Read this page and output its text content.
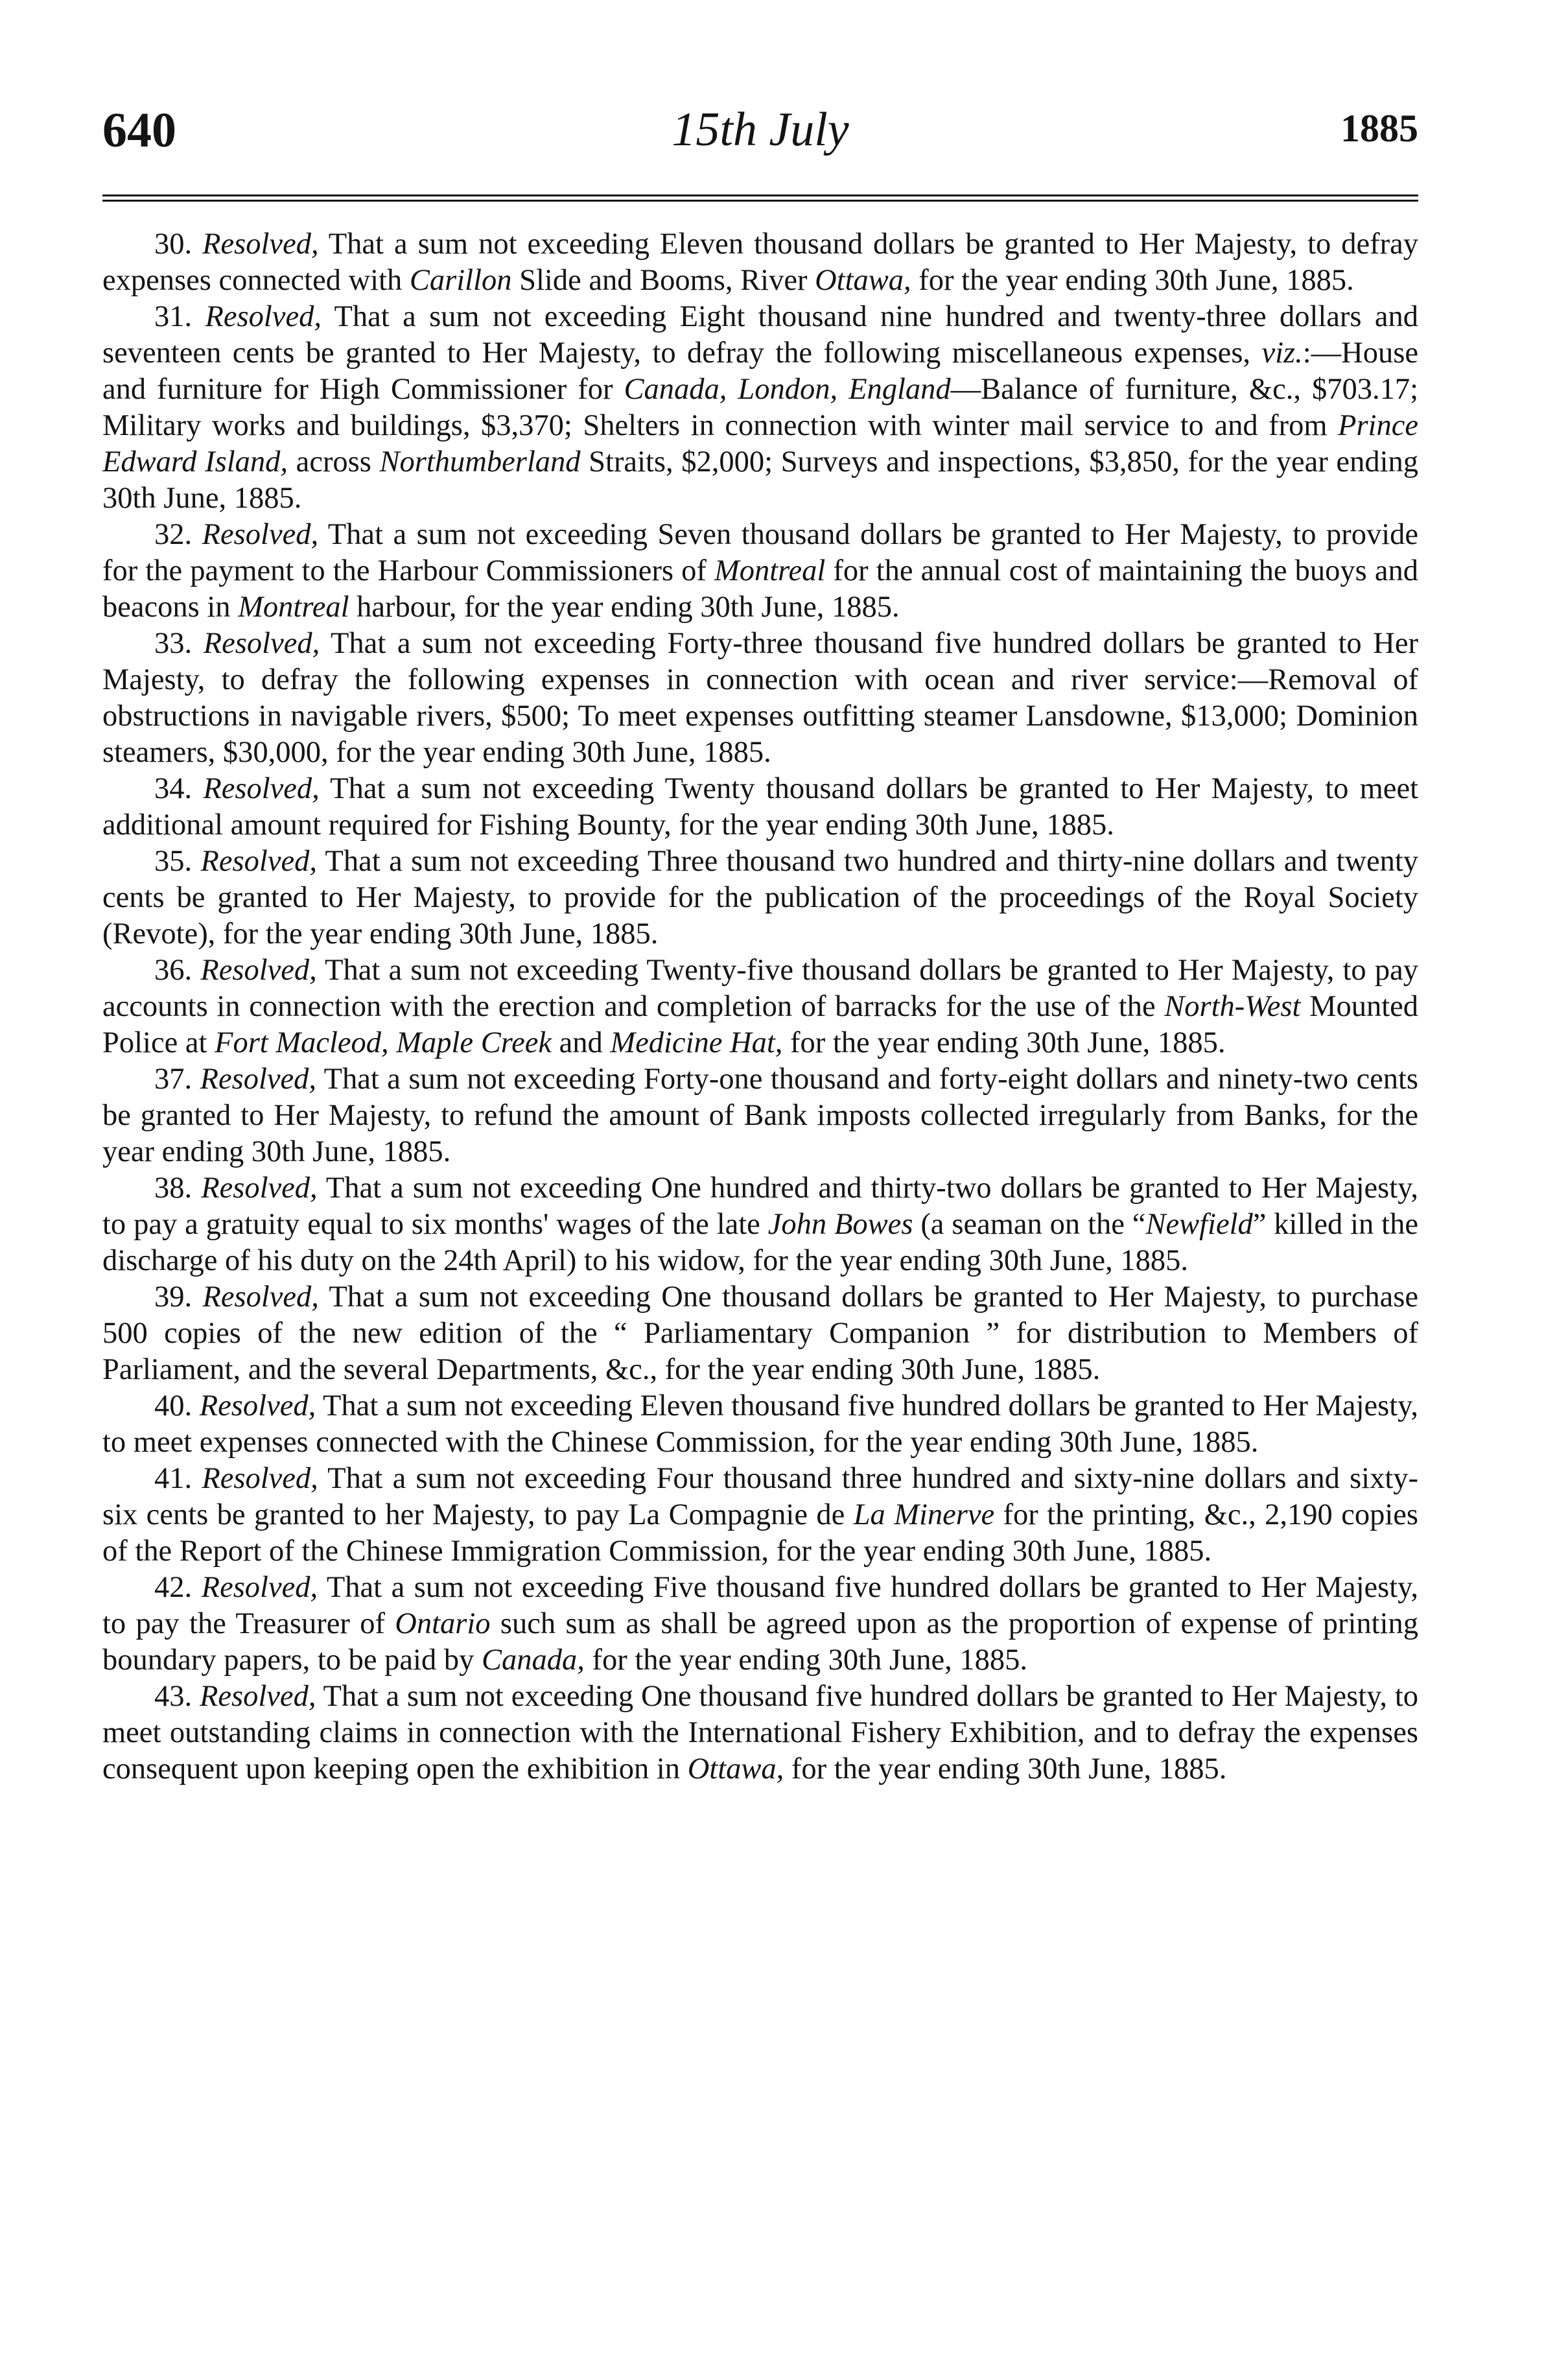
640	15th July	1885

30. Resolved, That a sum not exceeding Eleven thousand dollars be granted to Her Majesty, to defray expenses connected with Carillon Slide and Booms, River Ottawa, for the year ending 30th June, 1885.

31. Resolved, That a sum not exceeding Eight thousand nine hundred and twenty-three dollars and seventeen cents be granted to Her Majesty, to defray the following miscellaneous expenses, viz.:—House and furniture for High Commissioner for Canada, London, England—Balance of furniture, &c., $703.17; Military works and buildings, $3,370; Shelters in connection with winter mail service to and from Prince Edward Island, across Northumberland Straits, $2,000; Surveys and inspections, $3,850, for the year ending 30th June, 1885.

32. Resolved, That a sum not exceeding Seven thousand dollars be granted to Her Majesty, to provide for the payment to the Harbour Commissioners of Montreal for the annual cost of maintaining the buoys and beacons in Montreal harbour, for the year ending 30th June, 1885.

33. Resolved, That a sum not exceeding Forty-three thousand five hundred dollars be granted to Her Majesty, to defray the following expenses in connection with ocean and river service:—Removal of obstructions in navigable rivers, $500; To meet expenses outfitting steamer Lansdowne, $13,000; Dominion steamers, $30,000, for the year ending 30th June, 1885.

34. Resolved, That a sum not exceeding Twenty thousand dollars be granted to Her Majesty, to meet additional amount required for Fishing Bounty, for the year ending 30th June, 1885.

35. Resolved, That a sum not exceeding Three thousand two hundred and thirty-nine dollars and twenty cents be granted to Her Majesty, to provide for the publication of the proceedings of the Royal Society (Revote), for the year ending 30th June, 1885.

36. Resolved, That a sum not exceeding Twenty-five thousand dollars be granted to Her Majesty, to pay accounts in connection with the erection and completion of barracks for the use of the North-West Mounted Police at Fort Macleod, Maple Creek and Medicine Hat, for the year ending 30th June, 1885.

37. Resolved, That a sum not exceeding Forty-one thousand and forty-eight dollars and ninety-two cents be granted to Her Majesty, to refund the amount of Bank imposts collected irregularly from Banks, for the year ending 30th June, 1885.

38. Resolved, That a sum not exceeding One hundred and thirty-two dollars be granted to Her Majesty, to pay a gratuity equal to six months' wages of the late John Bowes (a seaman on the “Newfield” killed in the discharge of his duty on the 24th April) to his widow, for the year ending 30th June, 1885.

39. Resolved, That a sum not exceeding One thousand dollars be granted to Her Majesty, to purchase 500 copies of the new edition of the “ Parliamentary Companion ” for distribution to Members of Parliament, and the several Departments, &c., for the year ending 30th June, 1885.

40. Resolved, That a sum not exceeding Eleven thousand five hundred dollars be granted to Her Majesty, to meet expenses connected with the Chinese Commission, for the year ending 30th June, 1885.

41. Resolved, That a sum not exceeding Four thousand three hundred and sixty-nine dollars and sixty-six cents be granted to her Majesty, to pay La Compagnie de La Minerve for the printing, &c., 2,190 copies of the Report of the Chinese Immigration Commission, for the year ending 30th June, 1885.

42. Resolved, That a sum not exceeding Five thousand five hundred dollars be granted to Her Majesty, to pay the Treasurer of Ontario such sum as shall be agreed upon as the proportion of expense of printing boundary papers, to be paid by Canada, for the year ending 30th June, 1885.

43. Resolved, That a sum not exceeding One thousand five hundred dollars be granted to Her Majesty, to meet outstanding claims in connection with the International Fishery Exhibition, and to defray the expenses consequent upon keeping open the exhibition in Ottawa, for the year ending 30th June, 1885.
